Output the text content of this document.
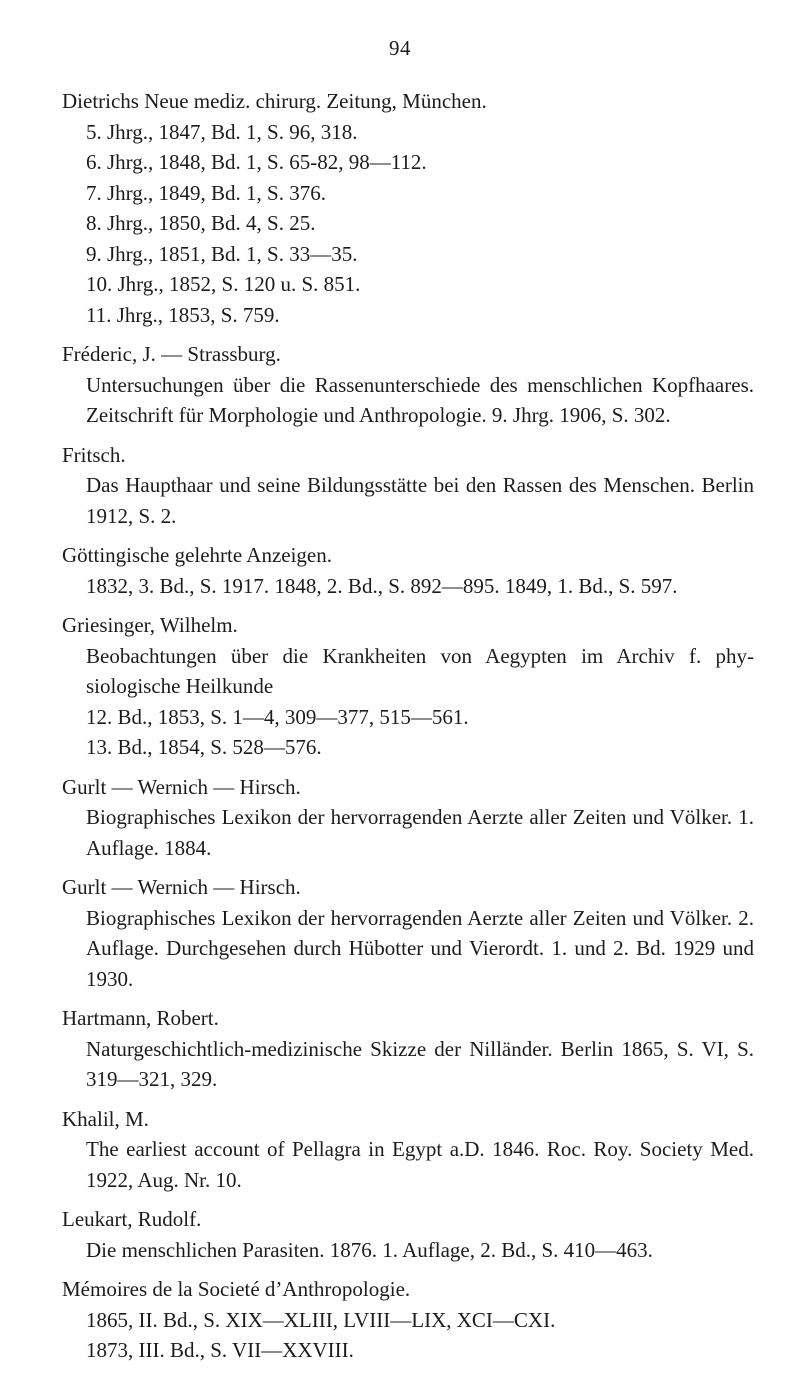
94
Dietrichs Neue mediz. chirurg. Zeitung, München.
5. Jhrg., 1847, Bd. 1, S. 96, 318.
6. Jhrg., 1848, Bd. 1, S. 65-82, 98—112.
7. Jhrg., 1849, Bd. 1, S. 376.
8. Jhrg., 1850, Bd. 4, S. 25.
9. Jhrg., 1851, Bd. 1, S. 33—35.
10. Jhrg., 1852, S. 120 u. S. 851.
11. Jhrg., 1853, S. 759.
Fréderic, J. — Strassburg.
Untersuchungen über die Rassenunterschiede des menschlichen Kopfhaares. Zeitschrift für Morphologie und Anthropologie. 9. Jhrg. 1906, S. 302.
Fritsch.
Das Haupthaar und seine Bildungsstätte bei den Rassen des Menschen. Berlin 1912, S. 2.
Göttingische gelehrte Anzeigen.
1832, 3. Bd., S. 1917. 1848, 2. Bd., S. 892—895. 1849, 1. Bd., S. 597.
Griesinger, Wilhelm.
Beobachtungen über die Krankheiten von Aegypten im Archiv f. physiologische Heilkunde
12. Bd., 1853, S. 1—4, 309—377, 515—561.
13. Bd., 1854, S. 528—576.
Gurlt — Wernich — Hirsch.
Biographisches Lexikon der hervorragenden Aerzte aller Zeiten und Völker. 1. Auflage. 1884.
Gurlt — Wernich — Hirsch.
Biographisches Lexikon der hervorragenden Aerzte aller Zeiten und Völker. 2. Auflage. Durchgesehen durch Hübotter und Vierordt. 1. und 2. Bd. 1929 und 1930.
Hartmann, Robert.
Naturgeschichtlich-medizinische Skizze der Nilländer. Berlin 1865, S. VI, S. 319—321, 329.
Khalil, M.
The earliest account of Pellagra in Egypt a.D. 1846. Roc. Roy. Society Med. 1922, Aug. Nr. 10.
Leukart, Rudolf.
Die menschlichen Parasiten. 1876. 1. Auflage, 2. Bd., S. 410—463.
Mémoires de la Societé d’Anthropologie.
1865, II. Bd., S. XIX—XLIII, LVIII—LIX, XCI—CXI.
1873, III. Bd., S. VII—XXVIII.
